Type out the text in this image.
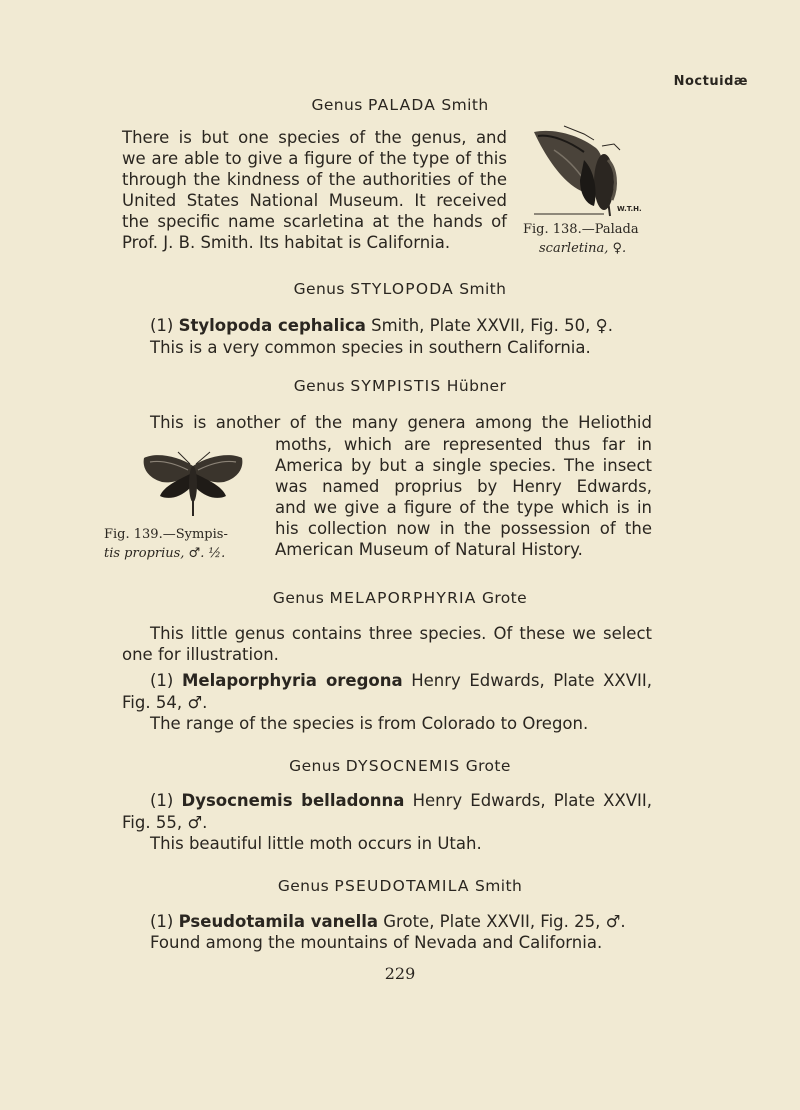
Noctuidæ
Genus PALADA Smith
There is but one species of the genus, and
we are able to give a figure of the type of this
through the kindness of the authorities of the
United States National Museum. It received
the specific name scarletina at the hands of
Prof. J. B. Smith. Its habitat is California.
W.T.H.
Fig. 138.—Palada
scarletina, ♀.
Genus STYLOPODA Smith
(1) Stylopoda cephalica Smith, Plate XXVII, Fig. 50, ♀.
This is a very common species in southern California.
Genus SYMPISTIS Hübner
This is another of the many genera among the Heliothid
moths, which are represented thus far in
America by but a single species. The insect
was named proprius by Henry Edwards,
and we give a figure of the type which is in
his collection now in the possession of the
American Museum of Natural History.
Fig. 139.—Sympis-
tis proprius, ♂. ½.
Genus MELAPORPHYRIA Grote
This little genus contains three species. Of these we select
one for illustration.
(1) Melaporphyria oregona Henry Edwards, Plate XXVII,
Fig. 54, ♂.
The range of the species is from Colorado to Oregon.
Genus DYSOCNEMIS Grote
(1) Dysocnemis belladonna Henry Edwards, Plate XXVII,
Fig. 55, ♂.
This beautiful little moth occurs in Utah.
Genus PSEUDOTAMILA Smith
(1) Pseudotamila vanella Grote, Plate XXVII, Fig. 25, ♂.
Found among the mountains of Nevada and California.
229
